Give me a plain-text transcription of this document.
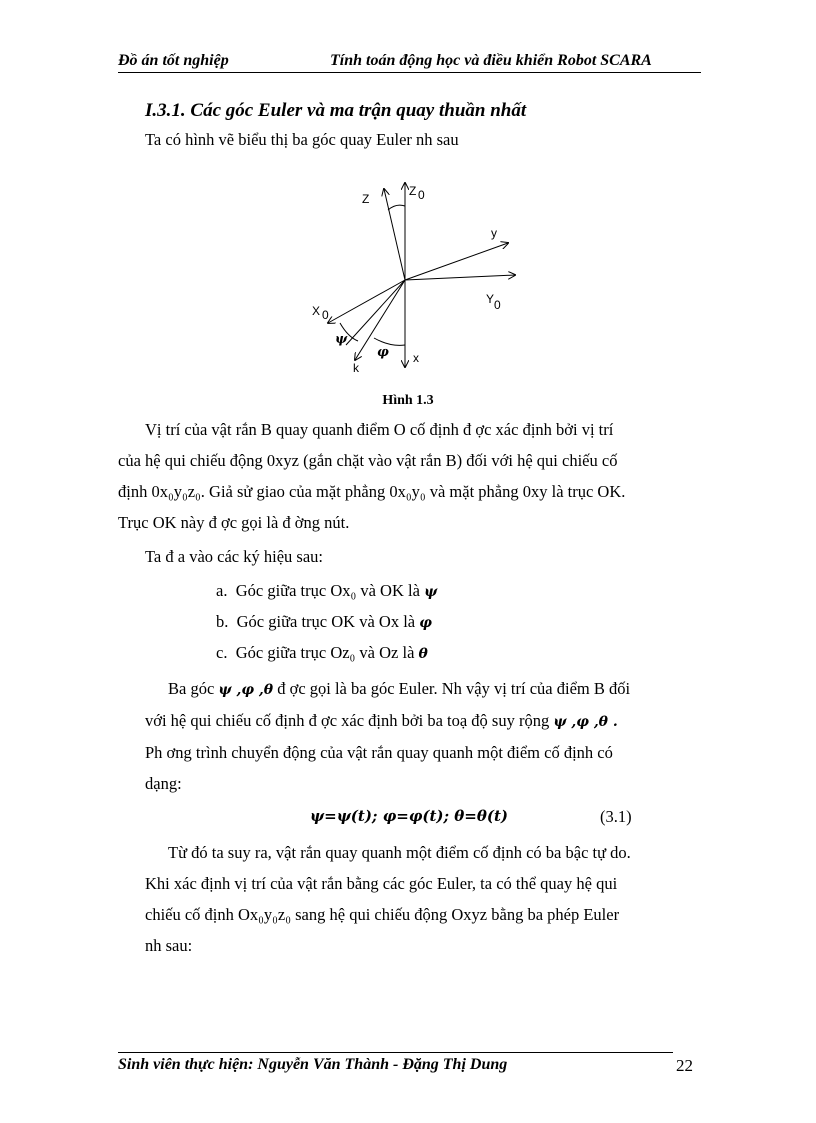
Đồ án tốt nghiệp	Tính toán động học và điều khiển Robot SCARA
I.3.1. Các góc Euler và ma trận quay thuần nhất
Ta có hình vẽ biểu thị ba góc quay Euler nh sau
Z
Z 0
y
Y 0
X 0
x
k
ψ
φ
Hình 1.3
Vị trí của vật rắn B quay quanh điểm O cố định đ ợc xác định bởi vị trí
của hệ qui chiếu động 0xyz (gắn chặt vào vật rắn B) đối với hệ qui chiếu cố
định 0x₀y₀z₀. Giả sử giao của mặt phẳng 0x₀y₀ và mặt phẳng 0xy là trục OK.
Trục OK này đ ợc gọi là đ ờng nút.
Ta đ a vào các ký hiệu sau:
a. Góc giữa trục Ox₀ và OK là ψ
b. Góc giữa trục OK và Ox là φ
c. Góc giữa trục Oz₀ và Oz là θ
Ba góc ψ ,φ ,θ đ ợc gọi là ba góc Euler. Nh vậy vị trí của điểm B đối
với hệ qui chiếu cố định đ ợc xác định bởi ba toạ độ suy rộng ψ ,φ ,θ .
Ph ơng trình chuyển động của vật rắn quay quanh một điểm cố định có
dạng:
ψ=ψ(t); φ=φ(t); θ=θ(t)	(3.1)
Từ đó ta suy ra, vật rắn quay quanh một điểm cố định có ba bậc tự do.
Khi xác định vị trí của vật rắn bằng các góc Euler, ta có thể quay hệ qui
chiếu cố định Ox₀y₀z₀ sang hệ qui chiếu động Oxyz bằng ba phép Euler
nh sau:
Sinh viên thực hiện: Nguyễn Văn Thành - Đặng Thị Dung	22
